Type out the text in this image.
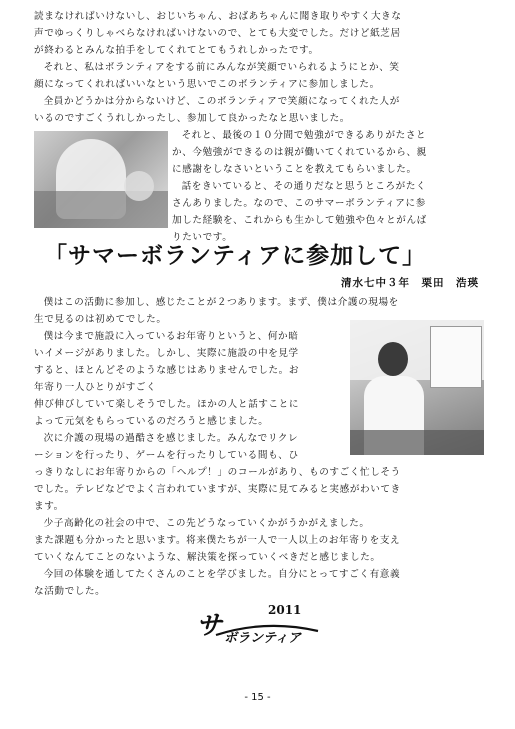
読まなければいけないし、おじいちゃん、おばあちゃんに聞き取りやすく大きな
声でゆっくりしゃべらなければいけないので、とても大変でした。だけど紙芝居
が終わるとみんな拍手をしてくれてとてもうれしかったです。
それと、私はボランティアをする前にみんなが笑顔でいられるようにとか、笑
顔になってくれればいいなという思いでこのボランティアに参加しました。
全員かどうかは分からないけど、このボランティアで笑顔になってくれた人が
いるのですごくうれしかったし、参加して良かったなと思いました。
それと、最後の１０分間で勉強ができるありがたさと
か、今勉強ができるのは親が働いてくれているから、親
に感謝をしなさいということを教えてもらいました。
話をきいていると、その通りだなと思うところがたく
さんありました。なので、このサマーボランティアに参
加した経験を、これからも生かして勉強や色々とがんば
りたいです。
「サマーボランティアに参加して」
清水七中３年　栗田　浩瑛
僕はこの活動に参加し、感じたことが２つあります。まず、僕は介護の現場を
生で見るのは初めてでした。
僕は今まで施設に入っているお年寄りというと、何か暗
いイメージがありました。しかし、実際に施設の中を見学
すると、ほとんどそのような感じはありませんでした。お
年寄り一人ひとりがすごく
伸び伸びしていて楽しそうでした。ほかの人と話すことに
よって元気をもらっているのだろうと感じました。
次に介護の現場の過酷さを感じました。みんなでリクレ
ーションを行ったり、ゲームを行ったりしている間も、ひ
っきりなしにお年寄りからの「ヘルプ！」のコールがあり、ものすごく忙しそう
でした。テレビなどでよく言われていますが、実際に見てみると実感がわいてき
ます。
少子高齢化の社会の中で、この先どうなっていくかがうかがえました。
また課題も分かったと思います。将来僕たちが一人で一人以上のお年寄りを支え
ていくなんてことのないような、解決策を探っていくべきだと感じました。
今回の体験を通してたくさんのことを学びました。自分にとってすごく有意義
な活動でした。
サ
2011
ボランティア
- 15 -
